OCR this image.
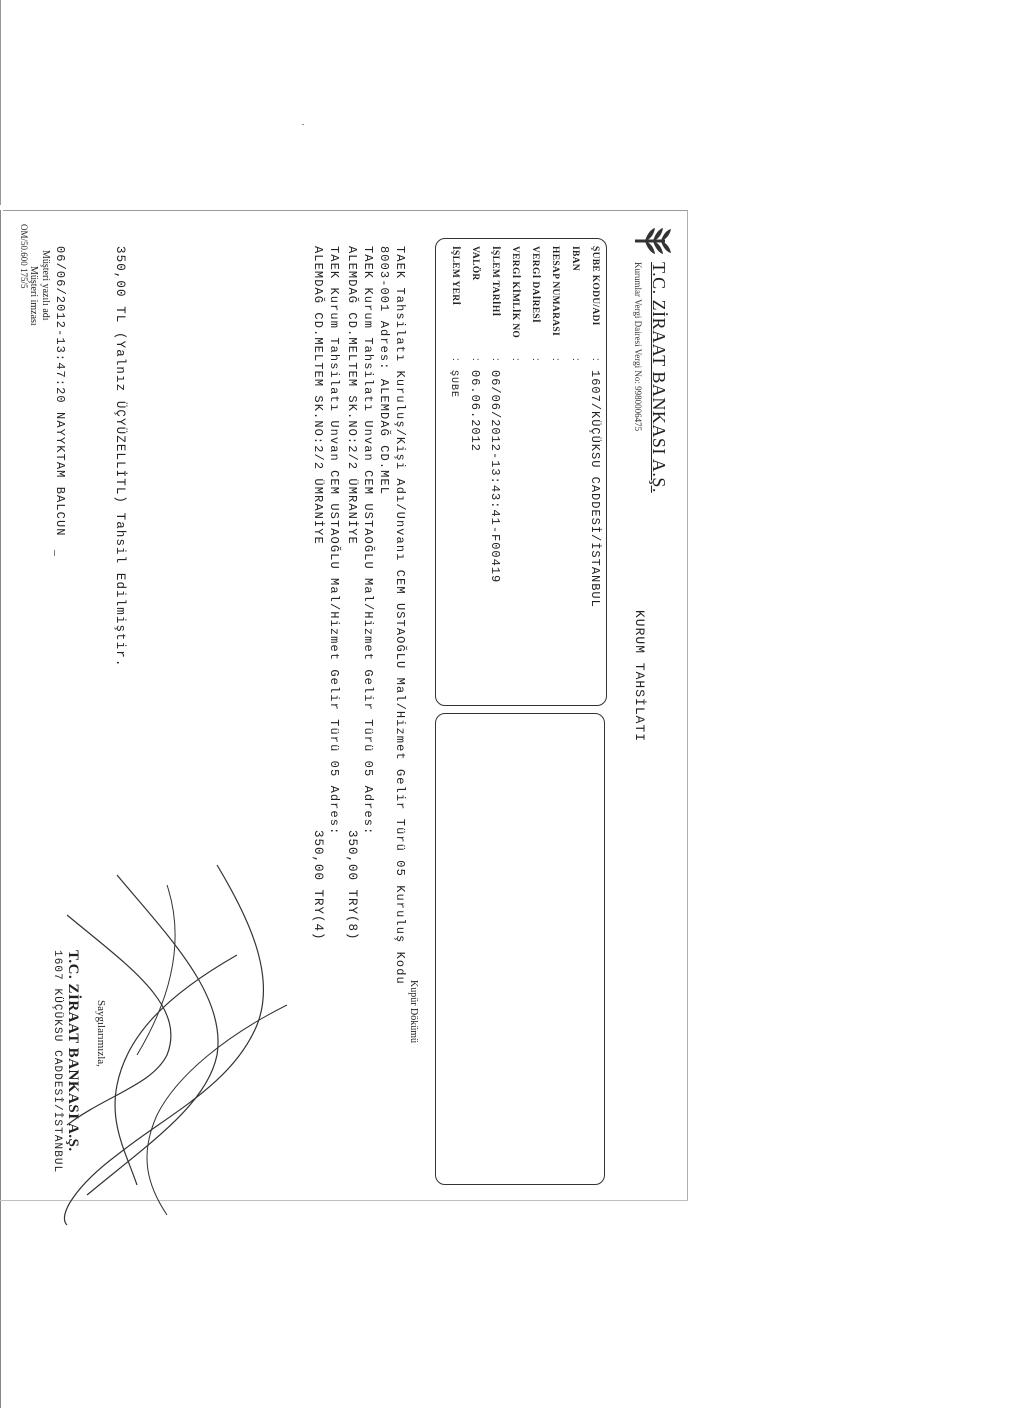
T.C. ZİRAAT BANKASI A.Ş.
Kurumlar Vergi Dairesi Vergi No: 9980006475
KURUM TAHSİLATI
ŞUBE KODU/ADI
:
1607/KÜÇÜKSU CADDESİ/İSTANBUL
IBAN
:
HESAP NUMARASI
:
VERGİ DAİRESİ
:
VERGİ KİMLİK NO
:
İŞLEM TARİHİ
:
06/06/2012-13:43:41-F00419
VALÖR
:
06.06.2012
İŞLEM YERİ
:
ŞUBE
Kupür Dökümü
TAEK Tahsilatı Kuruluş/Kişi Adı/Unvanı CEM USTAOĞLU Mal/Hizmet Gelir Türü 05 Kuruluş Kodu
8003-001 Adres: ALEMDAĞ CD.MEL
TAEK Kurum Tahsilatı Unvan CEM USTAOĞLU Mal/Hizmet Gelir Türü 05 Adres:
ALEMDAĞ CD.MELTEM SK.NO:2/2 ÜMRANİYE
TAEK Kurum Tahsilatı Unvan CEM USTAOĞLU Mal/Hizmet Gelir Türü 05 Adres:
ALEMDAĞ CD.MELTEM SK.NO:2/2 ÜMRANİYE
350,00 TRY(8)
350,00 TRY(4)
350,00 TL (Yalnız ÜÇYÜZELLİTL) Tahsil Edilmiştir.
06/06/2012-13:47:20 NAYYKTAM BALCUN
_
Müşteri yazılı adı
Müşteri imzası
Saygılarımızla,
T.C. ZİRAAT BANKASI A.Ş.
1607 KÜÇÜKSU CADDESİ/İSTANBUL
OM/50.600 175/5
